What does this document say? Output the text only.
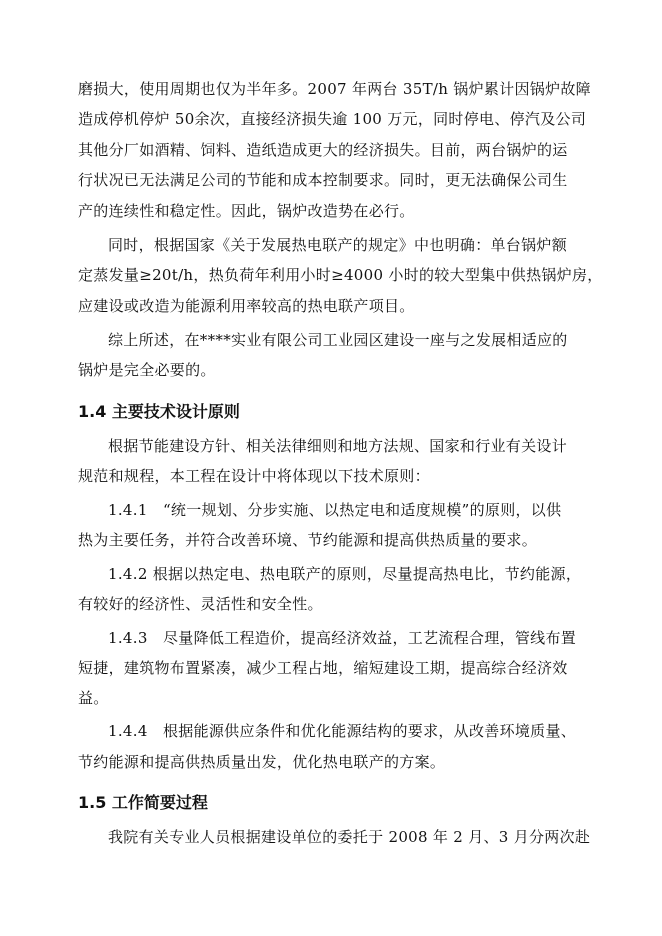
磨损大，使用周期也仅为半年多。2007 年两台 35T/h 锅炉累计因锅炉故障
造成停机停炉 50余次，直接经济损失逾 100 万元，同时停电、停汽及公司
其他分厂如酒精、饲料、造纸造成更大的经济损失。目前，两台锅炉的运
行状况已无法满足公司的节能和成本控制要求。同时，更无法确保公司生
产的连续性和稳定性。因此，锅炉改造势在必行。
同时，根据国家《关于发展热电联产的规定》中也明确：单台锅炉额
定蒸发量≥20t/h，热负荷年利用小时≥4000 小时的较大型集中供热锅炉房，
应建设或改造为能源利用率较高的热电联产项目。
综上所述，在****实业有限公司工业园区建设一座与之发展相适应的
锅炉是完全必要的。
1.4 主要技术设计原则
根据节能建设方针、相关法律细则和地方法规、国家和行业有关设计
规范和规程，本工程在设计中将体现以下技术原则：
1.4.1　“统一规划、分步实施、以热定电和适度规模”的原则，以供
热为主要任务，并符合改善环境、节约能源和提高供热质量的要求。
1.4.2 根据以热定电、热电联产的原则，尽量提高热电比，节约能源，
有较好的经济性、灵活性和安全性。
1.4.3　尽量降低工程造价，提高经济效益，工艺流程合理，管线布置
短捷，建筑物布置紧凑，减少工程占地，缩短建设工期，提高综合经济效
益。
1.4.4　根据能源供应条件和优化能源结构的要求，从改善环境质量、
节约能源和提高供热质量出发，优化热电联产的方案。
1.5 工作简要过程
我院有关专业人员根据建设单位的委托于 2008 年 2 月、3 月分两次赴
